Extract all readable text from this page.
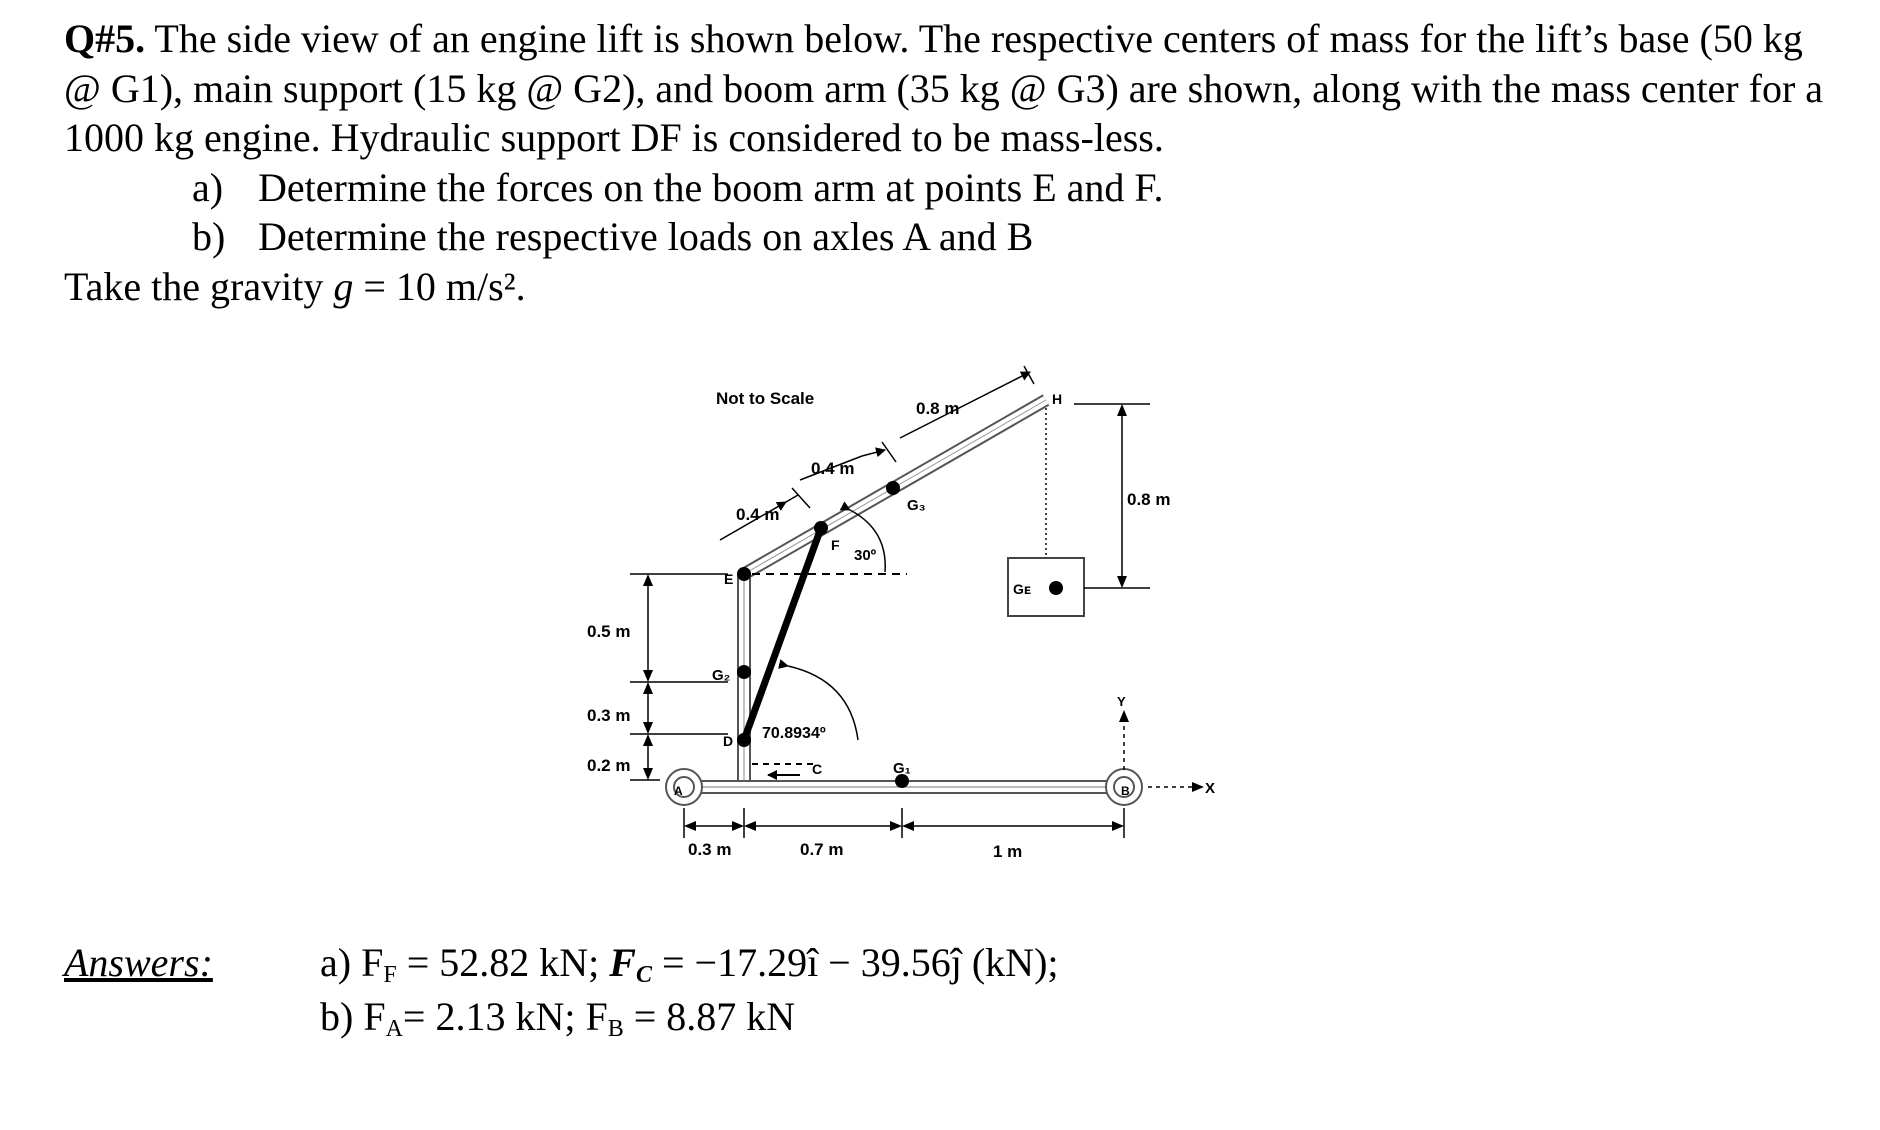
Q#5. The side view of an engine lift is shown below. The respective centers of mass for the lift’s base (50 kg @ G1), main support (15 kg @ G2), and boom arm (35 kg @ G3) are shown, along with the mass center for a 1000 kg engine. Hydraulic support DF is considered to be mass-less.

a) Determine the forces on the boom arm at points E and F.
b) Determine the respective loads on axles A and B

Take the gravity g = 10 m/s².

A	B
Gᴇ
Not to Scale
0.8 m	H
0.4 m
G₃	0.8 m
0.4 m
F
30º
E
0.5 m
G₂
0.3 m
70.8934º
D
0.2 m	C	G₁
Y
X
0.3 m	0.7 m	1 m
Answers:	a) $F_F = 52.82$ kN; $F_C$ = −17.29î − 39.56ĵ (kN);
b) $F_A= 2.13$ kN; $F_B = 8.87$ kN
